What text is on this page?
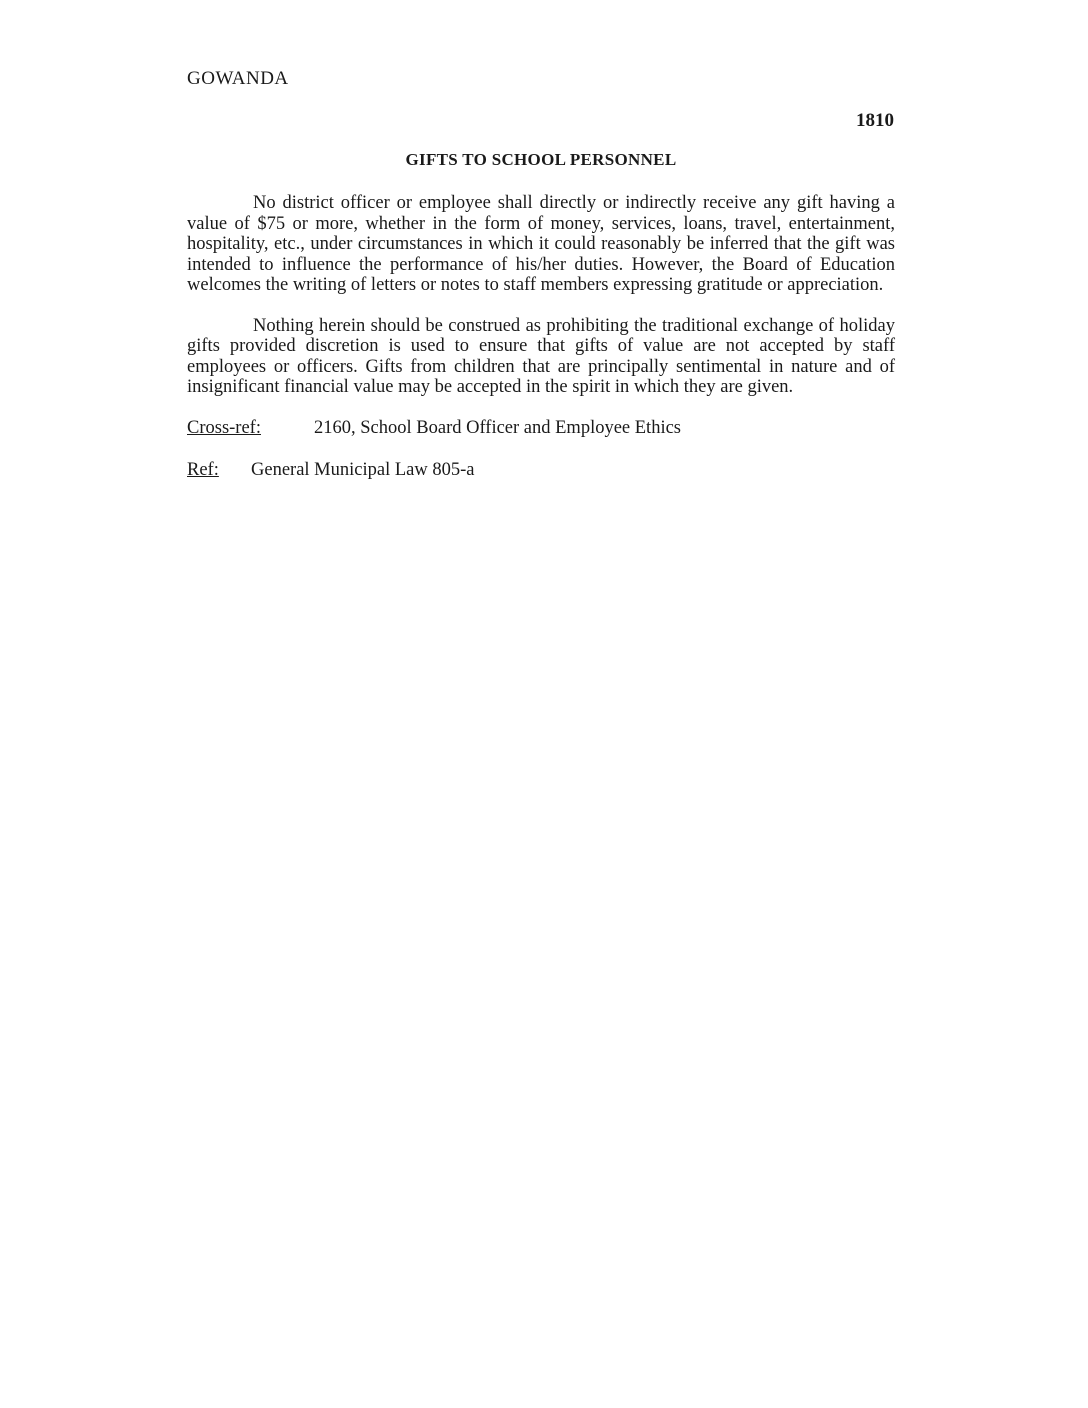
GOWANDA
1810
GIFTS TO SCHOOL PERSONNEL

No district officer or employee shall directly or indirectly receive any gift having a value of $75 or more, whether in the form of money, services, loans, travel, entertainment, hospitality, etc., under circumstances in which it could reasonably be inferred that the gift was intended to influence the performance of his/her duties. However, the Board of Education welcomes the writing of letters or notes to staff members expressing gratitude or appreciation.

Nothing herein should be construed as prohibiting the traditional exchange of holiday gifts provided discretion is used to ensure that gifts of value are not accepted by staff employees or officers. Gifts from children that are principally sentimental in nature and of insignificant financial value may be accepted in the spirit in which they are given.

Cross-ref:	2160, School Board Officer and Employee Ethics
Ref:	General Municipal Law 805-a
